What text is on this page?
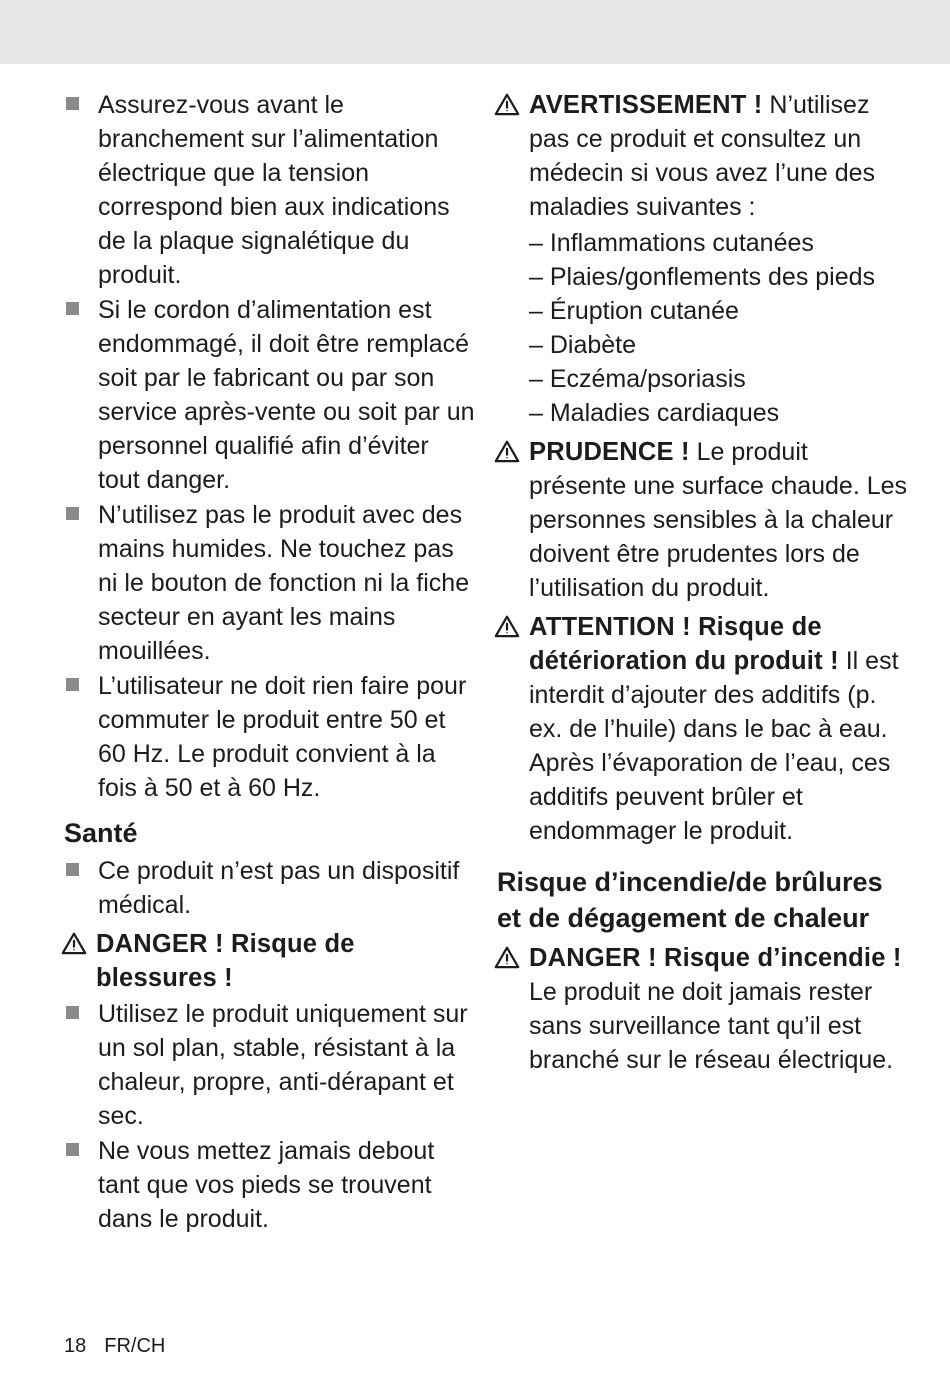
Assurez-vous avant le branchement sur l’alimentation électrique que la tension correspond bien aux indications de la plaque signalétique du produit.

Si le cordon d’alimentation est endommagé, il doit être remplacé soit par le fabricant ou par son service après-vente ou soit par un personnel qualifié afin d’éviter tout danger.

N’utilisez pas le produit avec des mains humides. Ne touchez pas ni le bouton de fonction ni la fiche secteur en ayant les mains mouillées.

L’utilisateur ne doit rien faire pour commuter le produit entre 50 et 60 Hz. Le produit convient à la fois à 50 et à 60 Hz.

Santé

Ce produit n’est pas un dispositif médical.

DANGER ! Risque de blessures !

Utilisez le produit uniquement sur un sol plan, stable, résistant à la chaleur, propre, anti-dérapant et sec.

Ne vous mettez jamais debout tant que vos pieds se trouvent dans le produit.

AVERTISSEMENT ! N’utilisez pas ce produit et consultez un médecin si vous avez l’une des maladies suivantes :

– Inflammations cutanées

– Plaies/gonflements des pieds

– Éruption cutanée

– Diabète

– Eczéma/psoriasis

– Maladies cardiaques

PRUDENCE ! Le produit présente une surface chaude. Les personnes sensibles à la chaleur doivent être prudentes lors de l’utilisation du produit.

ATTENTION ! Risque de détérioration du produit ! Il est interdit d’ajouter des additifs (p. ex. de l’huile) dans le bac à eau. Après l’évaporation de l’eau, ces additifs peuvent brûler et endommager le produit.

Risque d’incendie/de brûlures et de dégagement de chaleur

DANGER ! Risque d’incendie ! Le produit ne doit jamais rester sans surveillance tant qu’il est branché sur le réseau électrique.

18 FR/CH
